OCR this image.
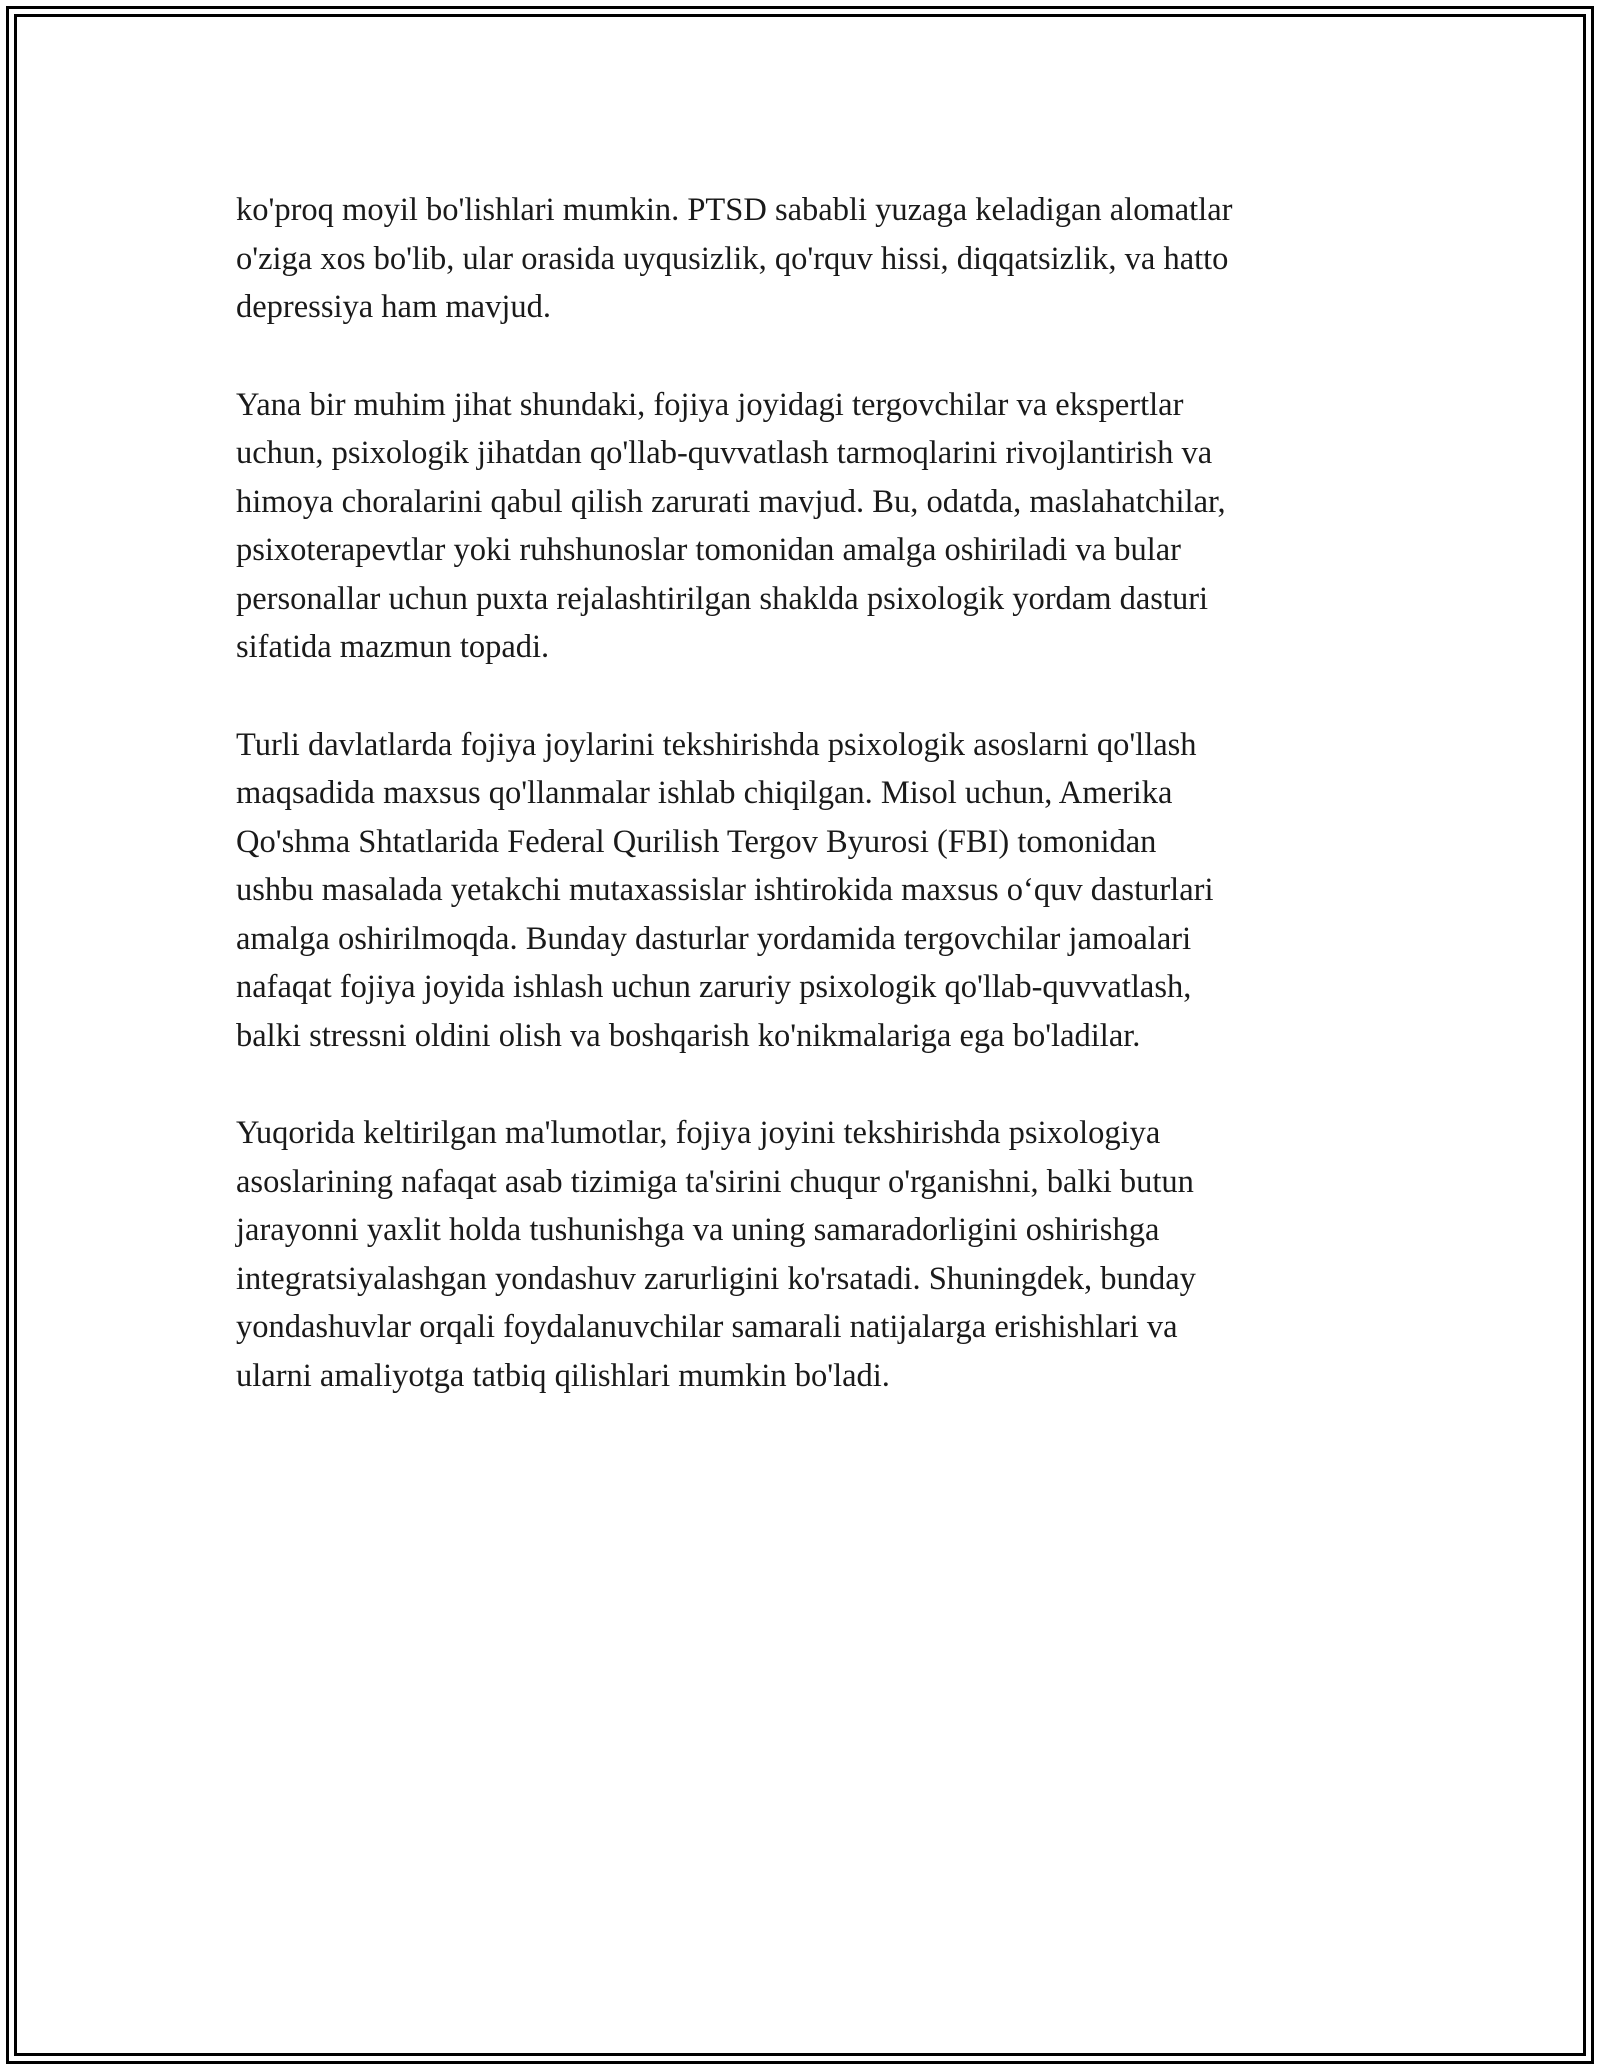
ko'proq moyil bo'lishlari mumkin. PTSD sababli yuzaga keladigan alomatlar
o'ziga xos bo'lib, ular orasida uyqusizlik, qo'rquv hissi, diqqatsizlik, va hatto
depressiya ham mavjud.

Yana bir muhim jihat shundaki, fojiya joyidagi tergovchilar va ekspertlar
uchun, psixologik jihatdan qo'llab-quvvatlash tarmoqlarini rivojlantirish va
himoya choralarini qabul qilish zarurati mavjud. Bu, odatda, maslahatchilar,
psixoterapevtlar yoki ruhshunoslar tomonidan amalga oshiriladi va bular
personallar uchun puxta rejalashtirilgan shaklda psixologik yordam dasturi
sifatida mazmun topadi.

Turli davlatlarda fojiya joylarini tekshirishda psixologik asoslarni qo'llash
maqsadida maxsus qo'llanmalar ishlab chiqilgan. Misol uchun, Amerika
Qo'shma Shtatlarida Federal Qurilish Tergov Byurosi (FBI) tomonidan
ushbu masalada yetakchi mutaxassislar ishtirokida maxsus o‘quv dasturlari
amalga oshirilmoqda. Bunday dasturlar yordamida tergovchilar jamoalari
nafaqat fojiya joyida ishlash uchun zaruriy psixologik qo'llab-quvvatlash,
balki stressni oldini olish va boshqarish ko'nikmalariga ega bo'ladilar.

Yuqorida keltirilgan ma'lumotlar, fojiya joyini tekshirishda psixologiya
asoslarining nafaqat asab tizimiga ta'sirini chuqur o'rganishni, balki butun
jarayonni yaxlit holda tushunishga va uning samaradorligini oshirishga
integratsiyalashgan yondashuv zarurligini ko'rsatadi. Shuningdek, bunday
yondashuvlar orqali foydalanuvchilar samarali natijalarga erishishlari va
ularni amaliyotga tatbiq qilishlari mumkin bo'ladi.
